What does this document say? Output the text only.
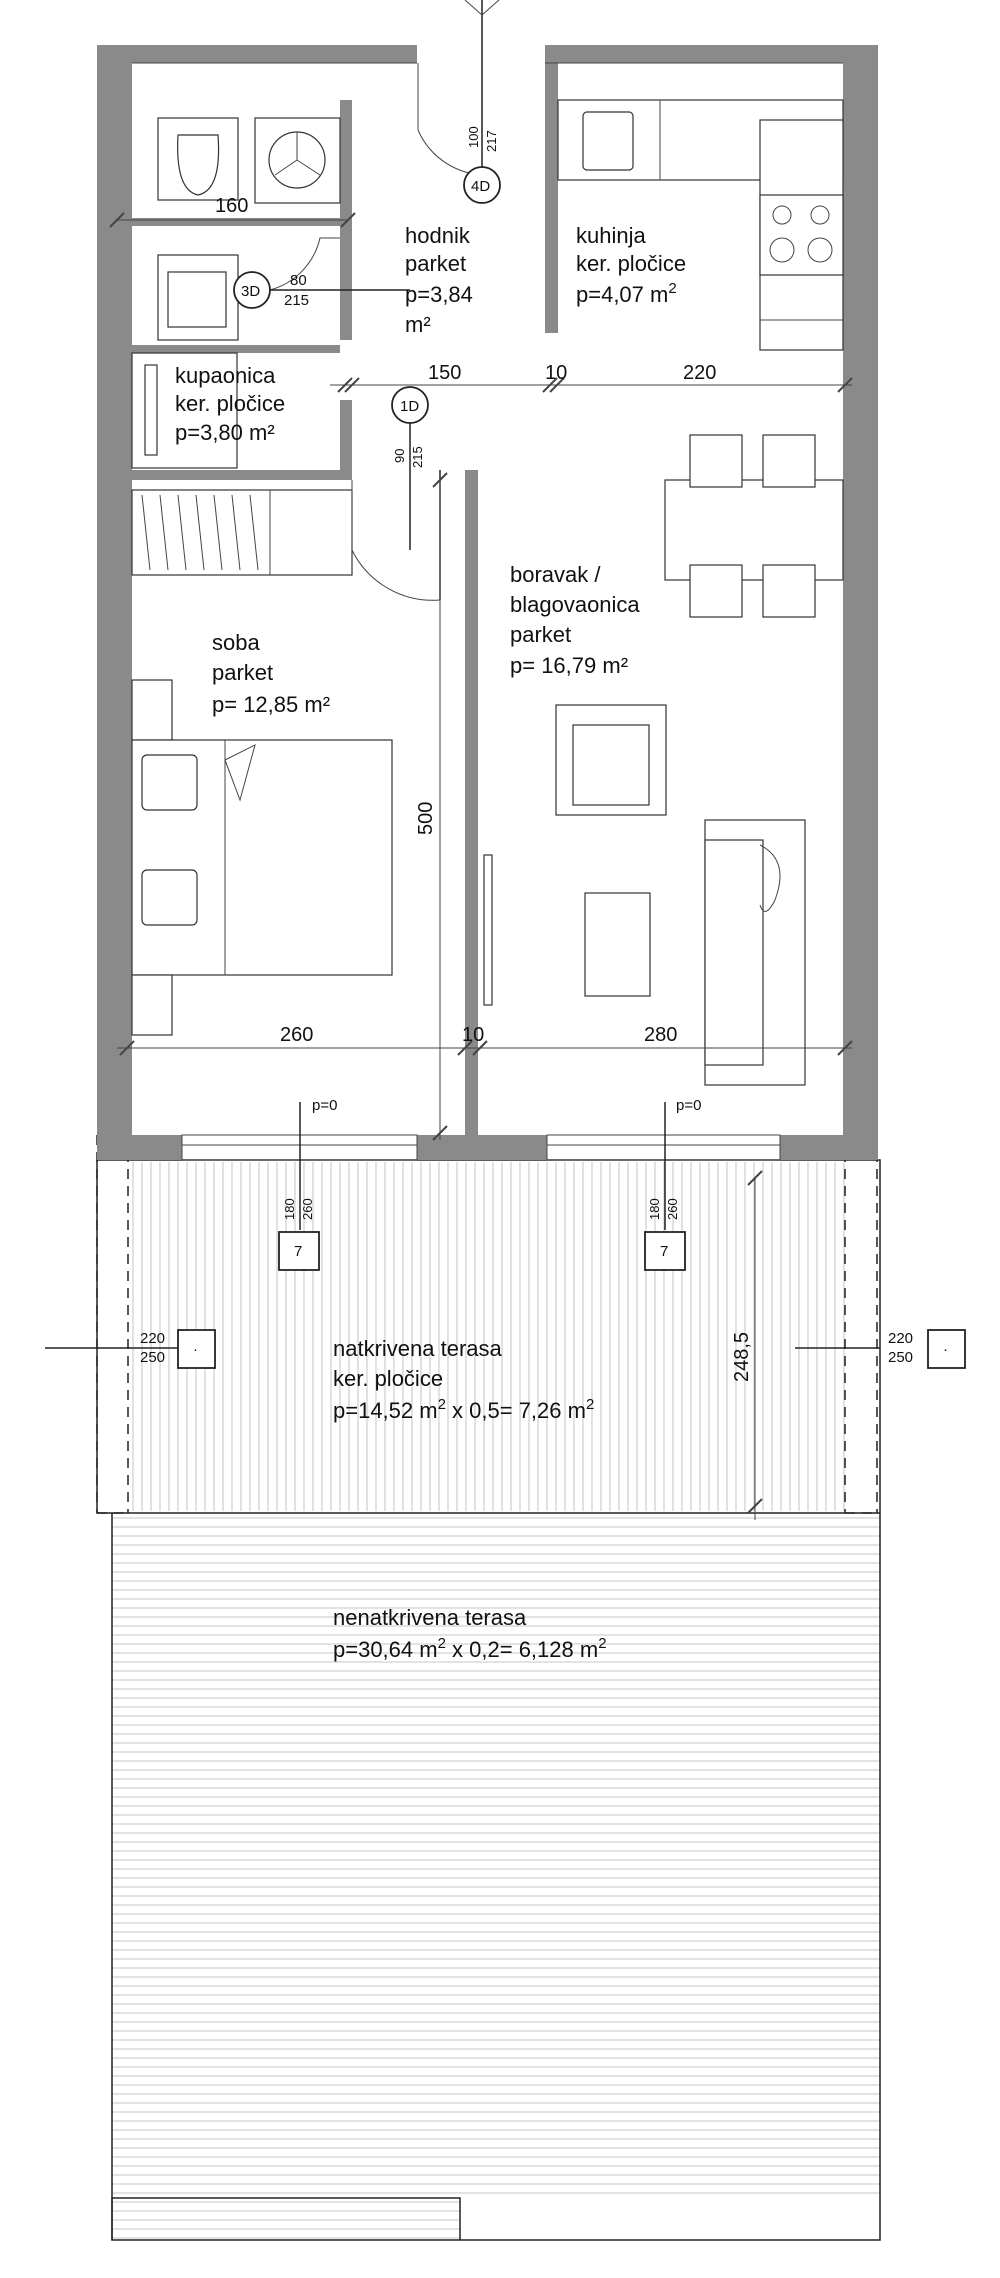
hodnik
parket
p=3,84
m²
kuhinja
ker. pločice
p=4,07 $m^2$
kupaonica
ker. pločice
p=3,80 m²
soba
parket
p= 12,85 m²
boravak /
blagovaonica
parket
p= 16,79 m²
natkrivena terasa
ker. pločice
p=14,52 $m^2$ x 0,5= 7,26 $m^2$
nenatkrivena terasa
p=30,64 $m^2$ x 0,2= 6,128 $m^2$
160
150	10	220
260	10	280
500
248,5
4D
100 217
3D
80
215
1D
90 215
p=0
180 260
7
p=0
180 260
7
220
250 ·
220
250 ·
